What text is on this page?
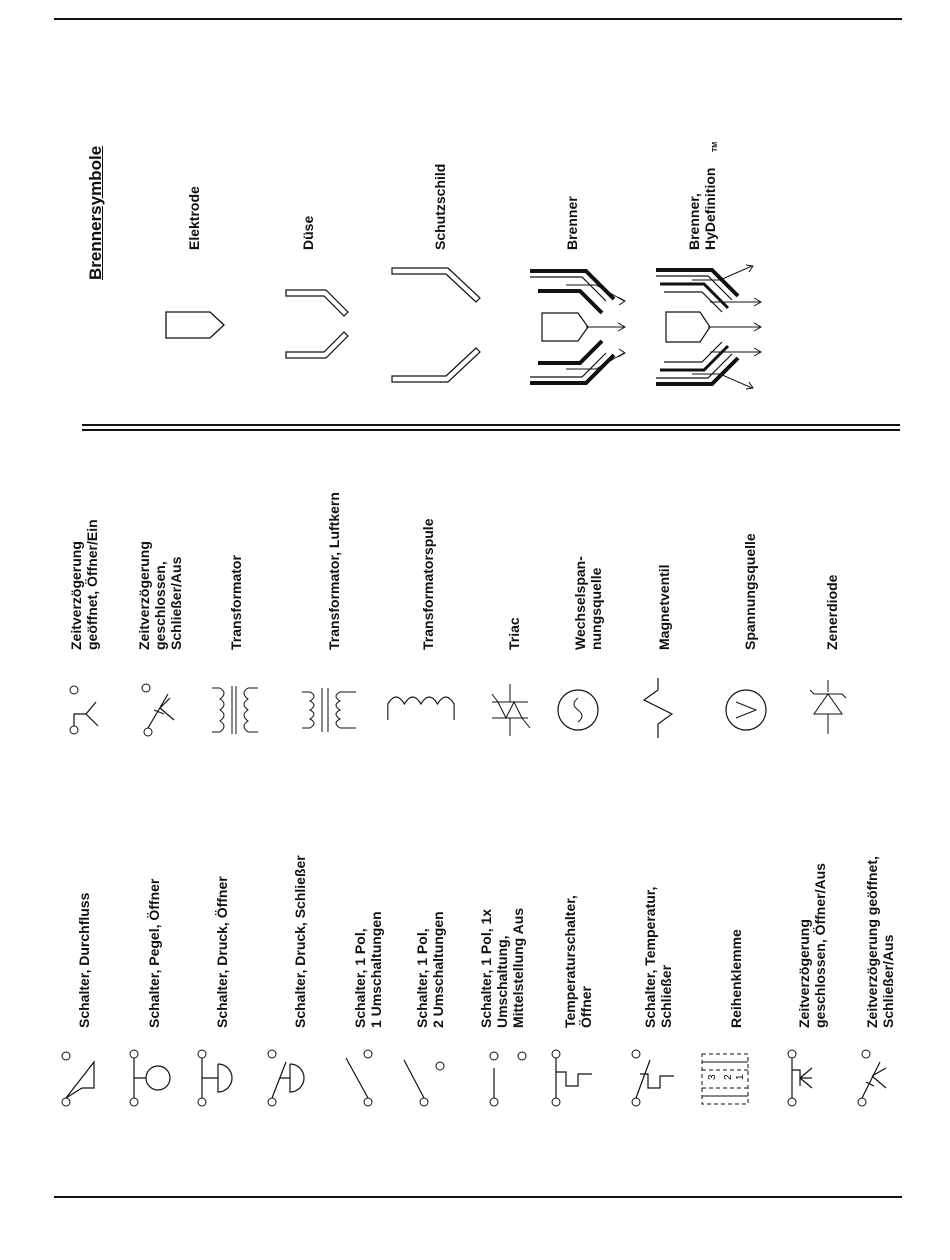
Brennersymbole	Elektrode	Düse	Schutzschild	Brenner	Brenner,
HyDefinition
TM
Zeitverzögerung
geöffnet, Öffner/Ein	Zeitverzögerung
geschlossen,
Schließer/Aus	Transformator	Transformator, Luftkern	Transformatorspule	Triac	Wechselspan-
nungsquelle	Magnetventil	Spannungsquelle	Zenerdiode
Schalter, Durchfluss	Schalter, Pegel, Öffner	Schalter, Druck, Öffner	Schalter, Druck, Schließer	Schalter, 1 Pol,
1 Umschaltungen Schalter, 1 Pol,
2 Umschaltungen Schalter, 1 Pol, 1x
Umschaltung,
Mittelstellung Aus	Temperaturschalter,
Öffner	Schalter, Temperatur,
Schließer	Reihenklemme	Zeitverzögerung
geschlossen, Öffner/Aus
Zeitverzögerung geöffnet,
Schließer/Aus
3 2 1
